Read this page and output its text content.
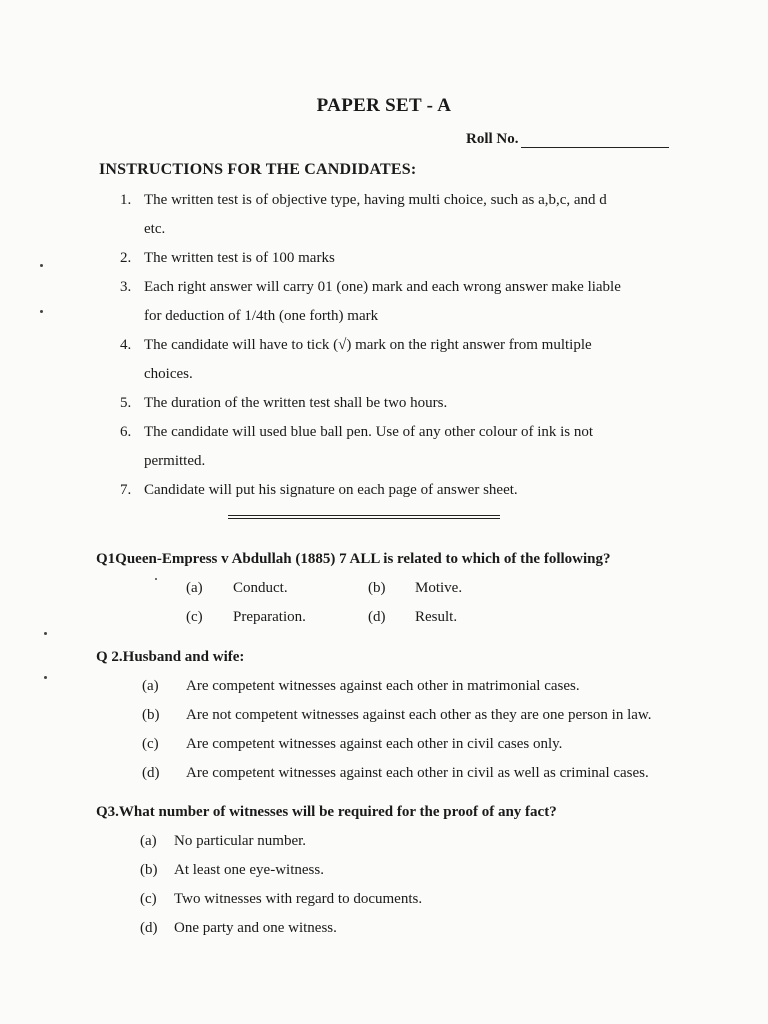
PAPER SET - A
Roll No.
INSTRUCTIONS FOR THE CANDIDATES:
1. The written test is of objective type, having multi choice, such as a,b,c, and d
etc.
2. The written test is of 100 marks
3. Each right answer will carry 01 (one) mark and each wrong answer make liable
for deduction of 1/4th (one forth) mark
4. The candidate will have to tick (√) mark on the right answer from multiple
choices.
5. The duration of the written test shall be two hours.
6. The candidate will used blue ball pen. Use of any other colour of ink is not
permitted.
7. Candidate will put his signature on each page of answer sheet.
Q1Queen-Empress v Abdullah (1885) 7 ALL is related to which of the following?
(a) Conduct.	(b) Motive.
(c) Preparation.	(d) Result.
Q 2.Husband and wife:
(a) Are competent witnesses against each other in matrimonial cases.
(b) Are not competent witnesses against each other as they are one person in law.
(c) Are competent witnesses against each other in civil cases only.
(d) Are competent witnesses against each other in civil as well as criminal cases.
Q3.What number of witnesses will be required for the proof of any fact?
(a) No particular number.
(b) At least one eye-witness.
(c) Two witnesses with regard to documents.
(d) One party and one witness.
